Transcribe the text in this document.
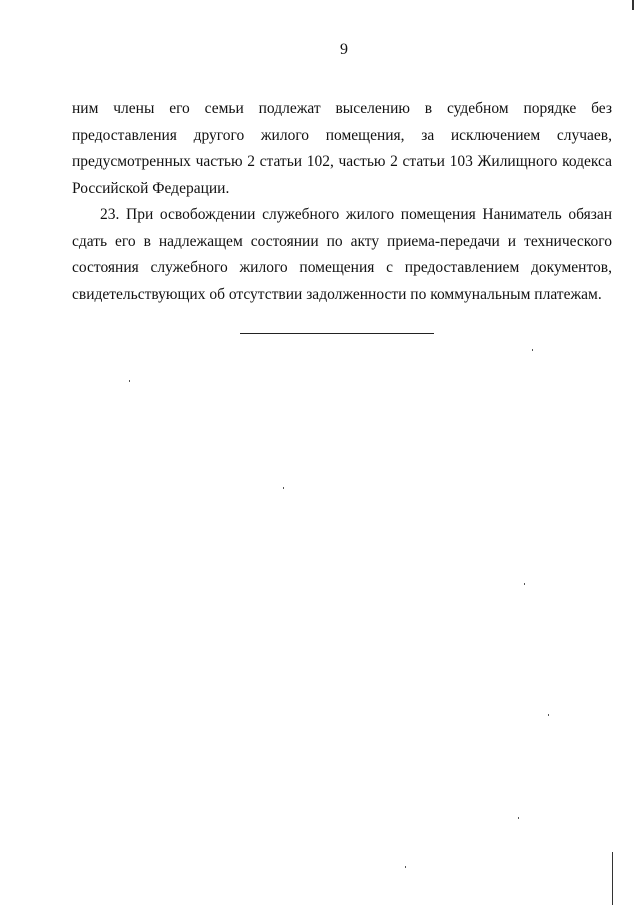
9

ним члены его семьи подлежат выселению в судебном порядке без предоставления другого жилого помещения, за исключением случаев, предусмотренных частью 2 статьи 102, частью 2 статьи 103 Жилищного кодекса Российской Федерации.

23. При освобождении служебного жилого помещения Наниматель обязан сдать его в надлежащем состоянии по акту приема-передачи и технического состояния служебного жилого помещения с предоставлением документов, свидетельствующих об отсутствии задолженности по коммунальным платежам.
